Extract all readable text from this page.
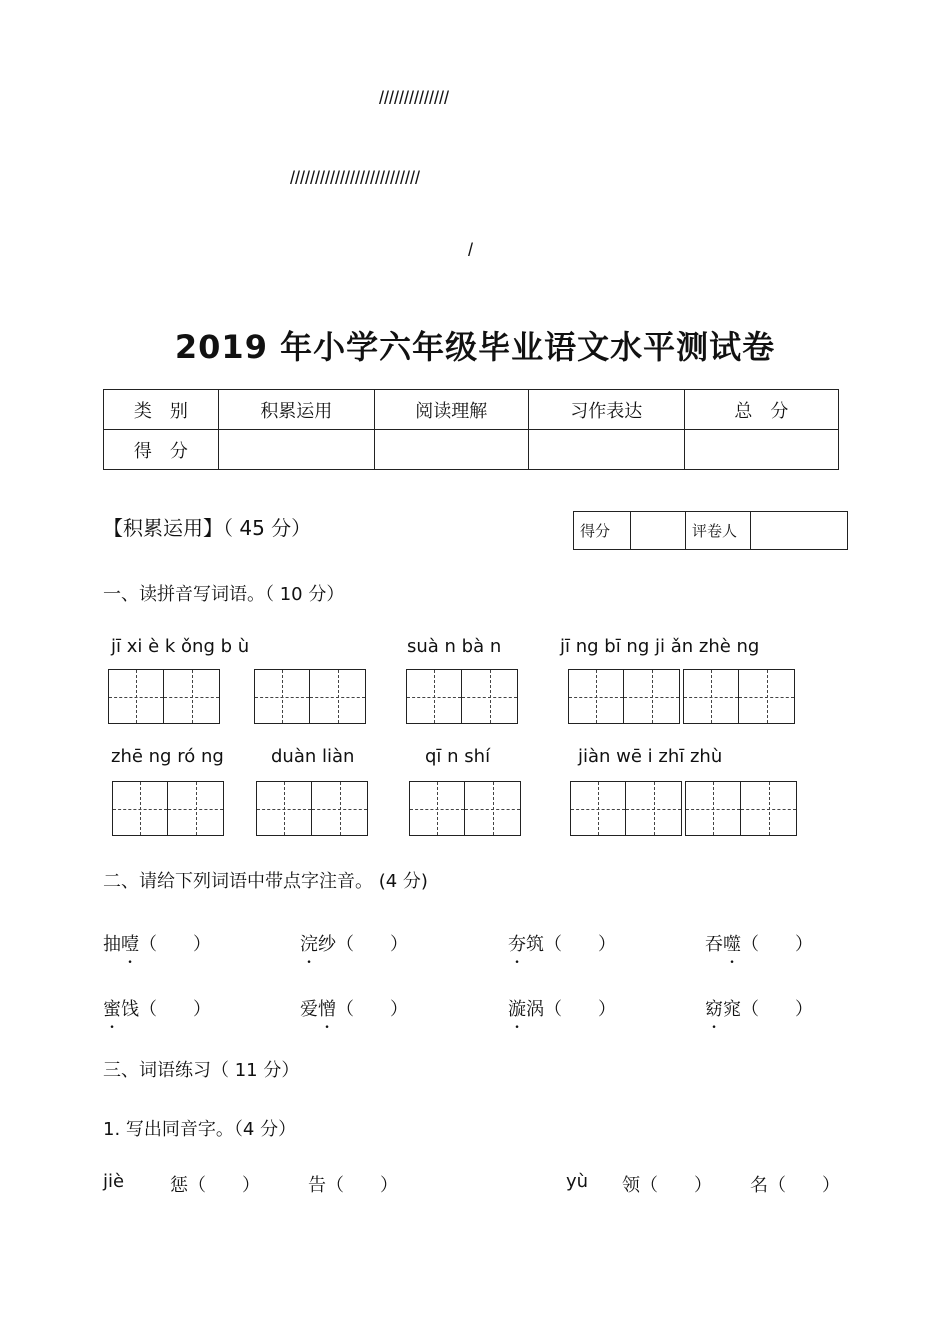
//////////////
//////////////////////////
/
2019 年小学六年级毕业语文水平测试卷
类　别	积累运用	阅读理解	习作表达	总　分
得　分				
【积累运用】（ 45 分）	得分		评卷人	
一、读拼音写词语。（ 10 分）
jī xi è k ǒng b ù	suà n bà n	jī ng bī ng ji ǎn zhè ng
zhē ng ró ng	duàn liàn	qī n shí	jiàn wē i zhī zhù
二、请给下列词语中带点字注音。 (4 分)
抽噎（　　）	浣纱（　　）	夯筑（　　）	吞噬（　　）
蜜饯（　　）	爱憎（　　）	漩涡（　　）	窈窕（　　）
三、词语练习（ 11 分）
1. 写出同音字。（4 分）
jiè	惩（　　）	告（　　）	yù 领（　　） 名（　　）
